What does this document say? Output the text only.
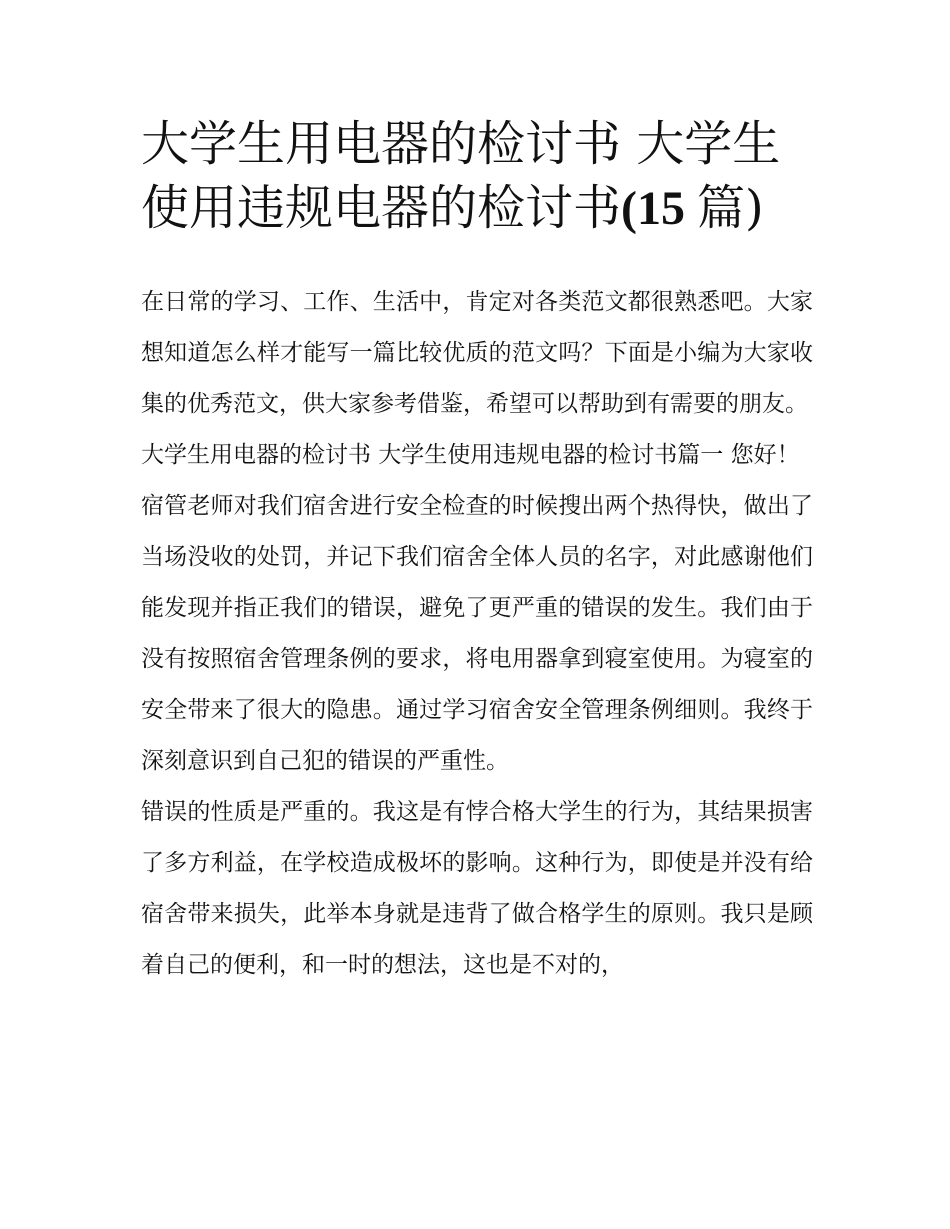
大学生用电器的检讨书 大学生
使用违规电器的检讨书(15 篇)

在日常的学习、工作、生活中，肯定对各类范文都很熟悉吧。大家想知道怎么样才能写一篇比较优质的范文吗？下面是小编为大家收集的优秀范文，供大家参考借鉴，希望可以帮助到有需要的朋友。

大学生用电器的检讨书 大学生使用违规电器的检讨书篇一 您好！

宿管老师对我们宿舍进行安全检查的时候搜出两个热得快，做出了当场没收的处罚，并记下我们宿舍全体人员的名字，对此感谢他们能发现并指正我们的错误，避免了更严重的错误的发生。我们由于没有按照宿舍管理条例的要求，将电用器拿到寝室使用。为寝室的安全带来了很大的隐患。通过学习宿舍安全管理条例细则。我终于深刻意识到自己犯的错误的严重性。

错误的性质是严重的。我这是有悖合格大学生的行为，其结果损害了多方利益，在学校造成极坏的影响。这种行为，即使是并没有给宿舍带来损失，此举本身就是违背了做合格学生的原则。我只是顾着自己的便利，和一时的想法，这也是不对的，
